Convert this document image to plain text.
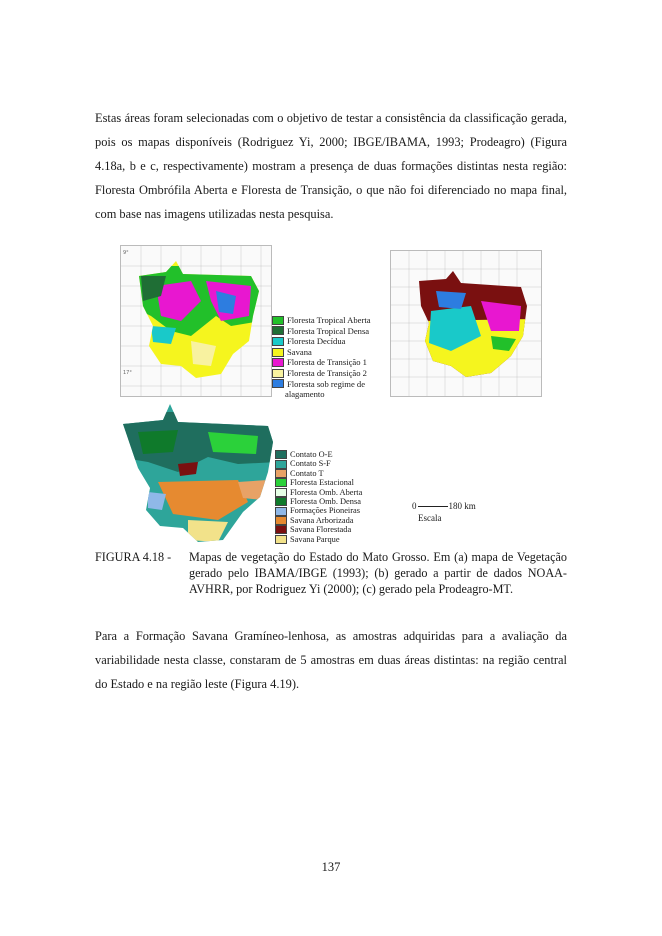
Estas áreas foram selecionadas com o objetivo de testar a consistência da classificação gerada, pois os mapas disponíveis (Rodriguez Yi, 2000; IBGE/IBAMA, 1993; Prodeagro) (Figura 4.18a, b e c, respectivamente) mostram a presença de duas formações distintas nesta região: Floresta Ombrófila Aberta e Floresta de Transição, o que não foi diferenciado no mapa final, com base nas imagens utilizadas nesta pesquisa.

9°
17°
Floresta Tropical Aberta
Floresta Tropical Densa
Floresta Decídua
Savana
Floresta de Transição 1
Floresta de Transição 2
Floresta sob regime de
alagamento
Contato O-E
Contato S-F
Contato T
Floresta Estacional
Floresta Omb. Aberta
Floresta Omb. Densa
Formações Pioneiras
Savana Arborizada
Savana Florestada
Savana Parque
0	180 km
Escala
FIGURA 4.18 - Mapas de vegetação do Estado do Mato Grosso. Em (a) mapa de Vegetação gerado pelo IBAMA/IBGE (1993); (b) gerado a partir de dados NOAA-AVHRR, por Rodriguez Yi (2000); (c) gerado pela Prodeagro-MT.

Para a Formação Savana Gramíneo-lenhosa, as amostras adquiridas para a avaliação da variabilidade nesta classe, constaram de 5 amostras em duas áreas distintas: na região central do Estado e na região leste (Figura 4.19).

137
